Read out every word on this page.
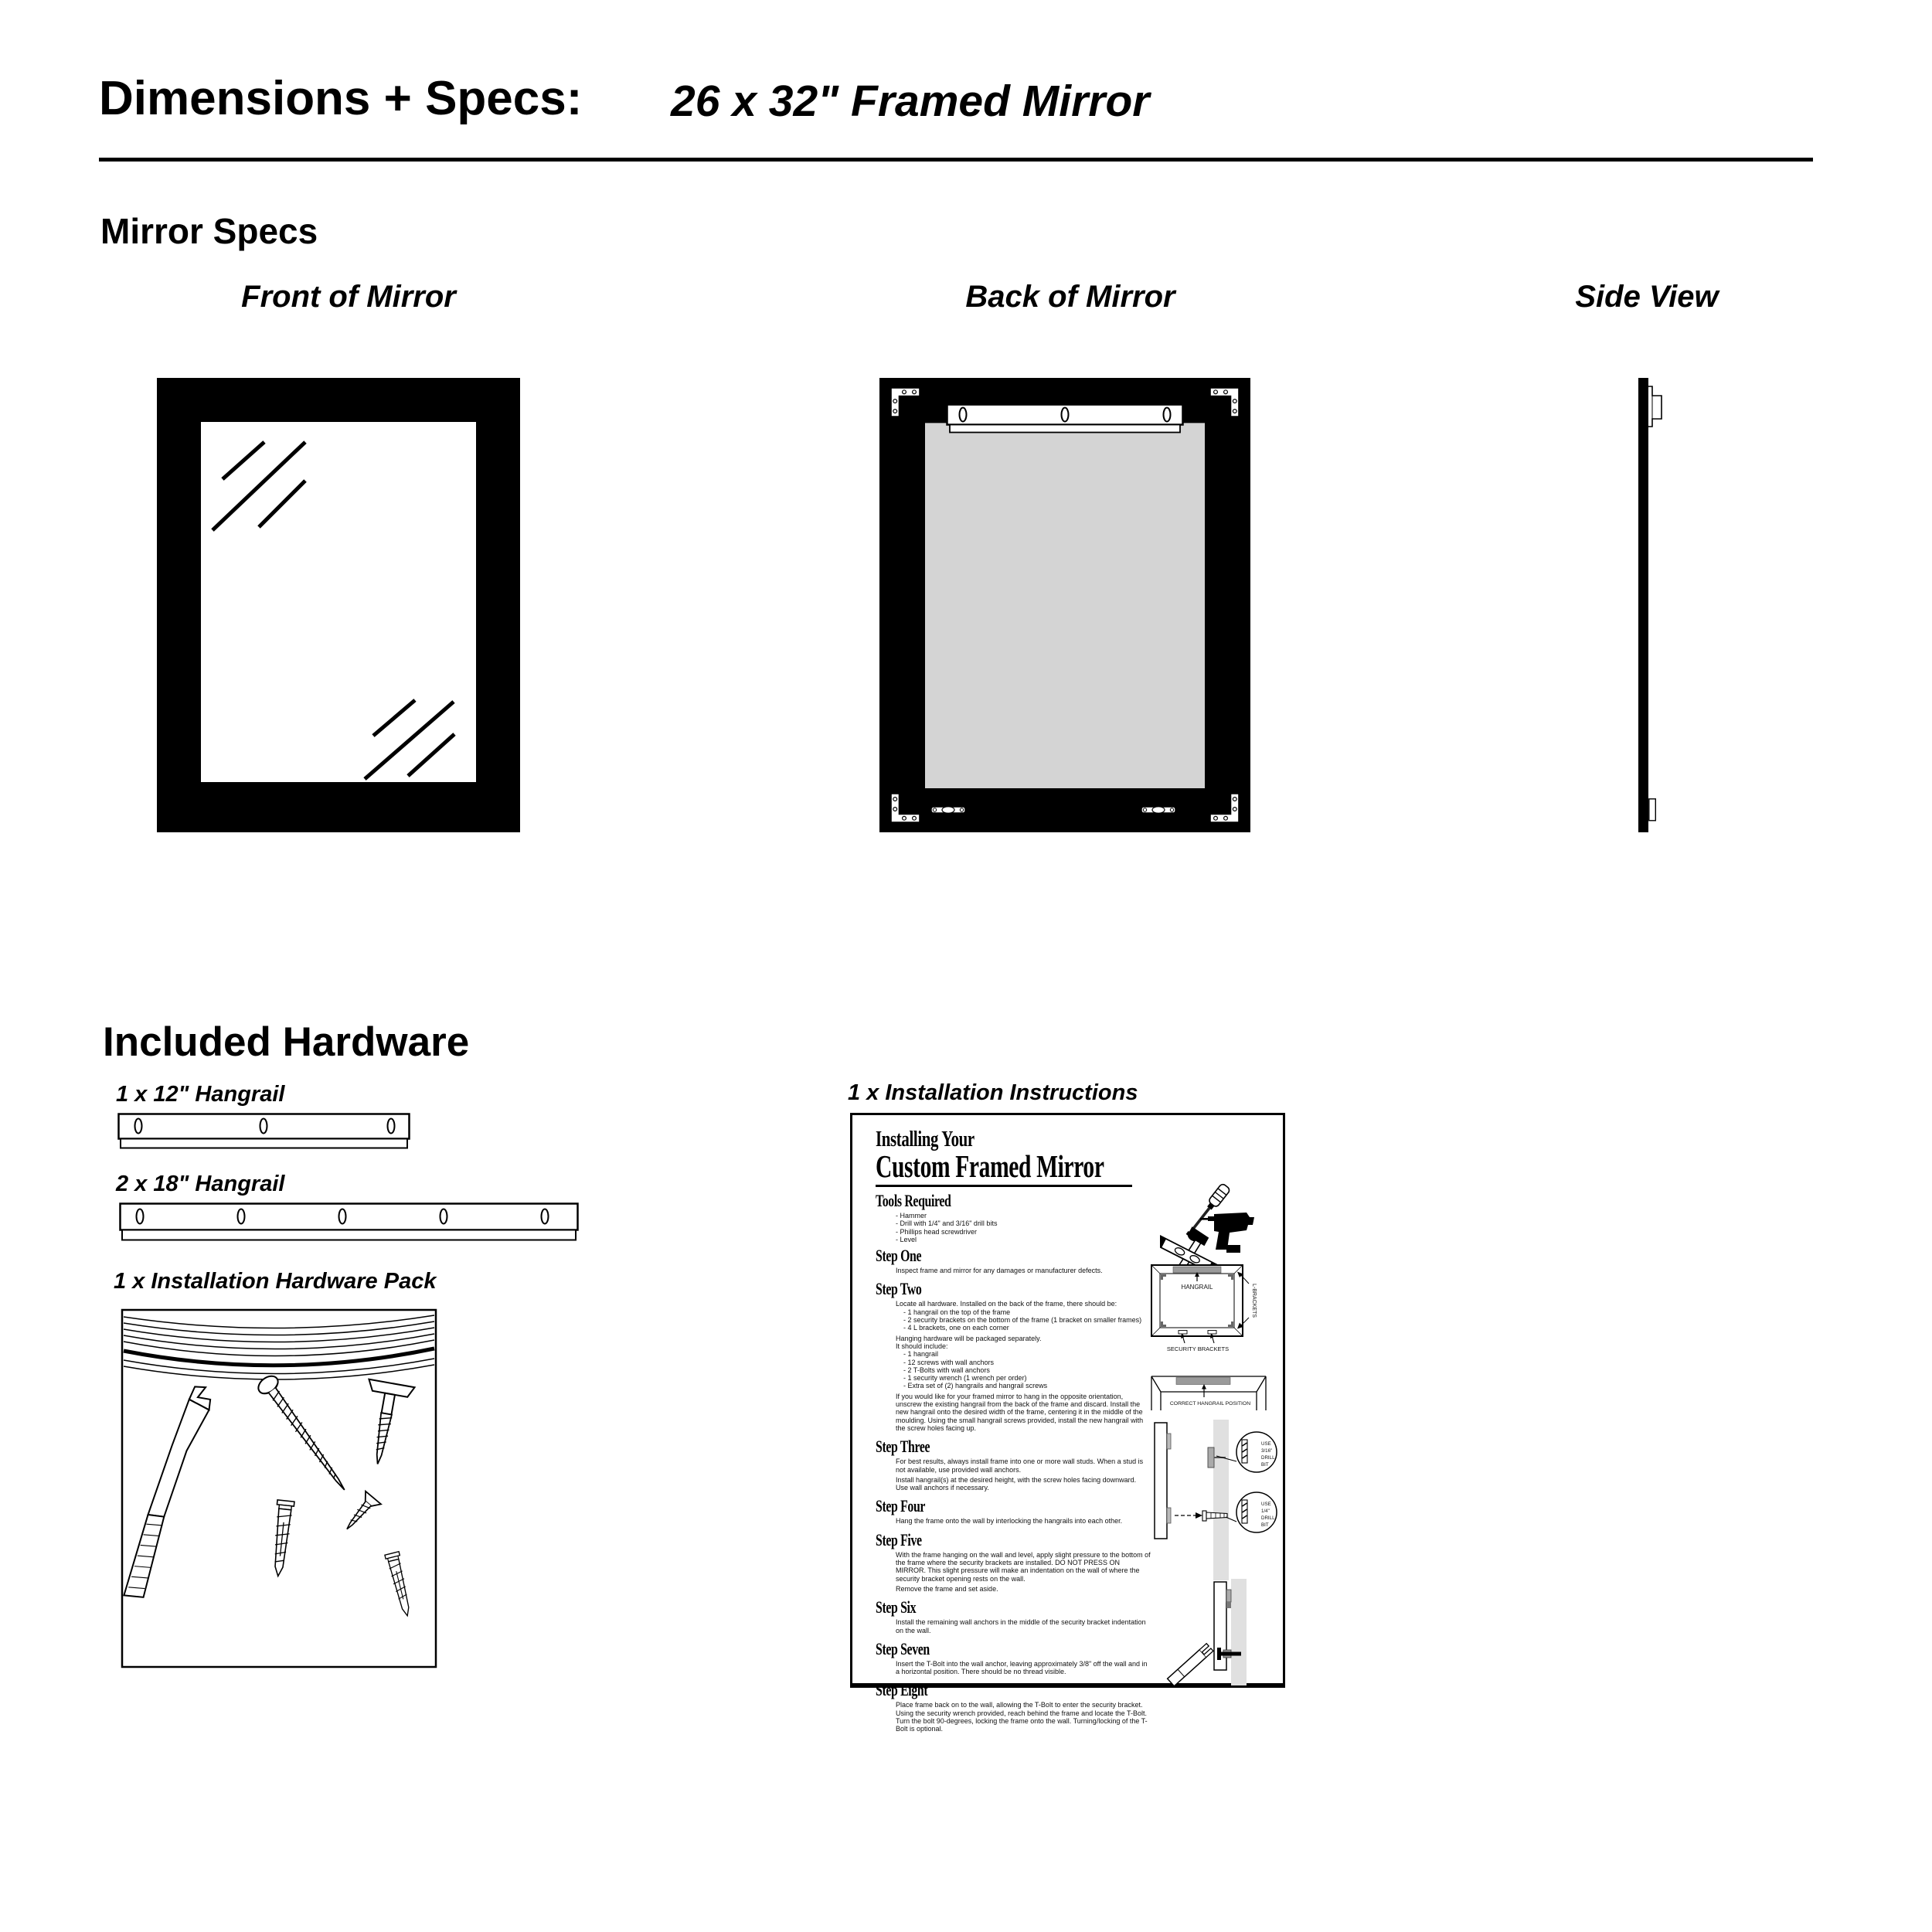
Dimensions + Specs: 26 x 32" Framed Mirror
Mirror Specs
Front of Mirror	Back of Mirror	Side View
Included Hardware
1 x 12" Hangrail
2 x 18" Hangrail
1 x Installation Hardware Pack
1 x Installation Instructions
Installing Your
Custom Framed Mirror
Tools Required
- Hammer
- Drill with 1/4" and 3/16" drill bits
- Phillips head screwdriver
- Level
Step One
Inspect frame and mirror for any damages or manufacturer defects.
Step Two
Locate all hardware. Installed on the back of the frame, there should be:
- 1 hangrail on the top of the frame
- 2 security brackets on the bottom of the frame (1 bracket on smaller frames)
- 4 L brackets, one on each corner
Hanging hardware will be packaged separately.
It should include:
- 1 hangrail
- 12 screws with wall anchors
- 2 T-Bolts with wall anchors
- 1 security wrench (1 wrench per order)
- Extra set of (2) hangrails and hangrail screws
If you would like for your framed mirror to hang in the opposite orientation, unscrew the existing hangrail from the back of the frame and discard. Install the new hangrail onto the desired width of the frame, centering it in the middle of the moulding. Using the small hangrail screws provided, install the new hangrail with the screw holes facing up.
Step Three
For best results, always install frame into one or more wall studs. When a stud is not available, use provided wall anchors.
Install hangrail(s) at the desired height, with the screw holes facing downward.
Use wall anchors if necessary.
Step Four
Hang the frame onto the wall by interlocking the hangrails into each other.
Step Five
With the frame hanging on the wall and level, apply slight pressure to the bottom of the frame where the security brackets are installed. DO NOT PRESS ON MIRROR. This slight pressure will make an indentation on the wall of where the security bracket opening rests on the wall.
Remove the frame and set aside.
Step Six
Install the remaining wall anchors in the middle of the security bracket indentation on the wall.
Step Seven
Insert the T-Bolt into the wall anchor, leaving approximately 3/8" off the wall and in a horizontal position. There should be no thread visible.
Step Eight
Place frame back on to the wall, allowing the T-Bolt to enter the security bracket. Using the security wrench provided, reach behind the frame and locate the T-Bolt. Turn the bolt 90-degrees, locking the frame onto the wall. Turning/locking of the T-Bolt is optional.
HANGRAIL
SECURITY BRACKETS
L-BRACKETS
CORRECT HANGRAIL POSITION
USE
3/16"
DRILL
BIT
USE
1/4"
DRILL
BIT
